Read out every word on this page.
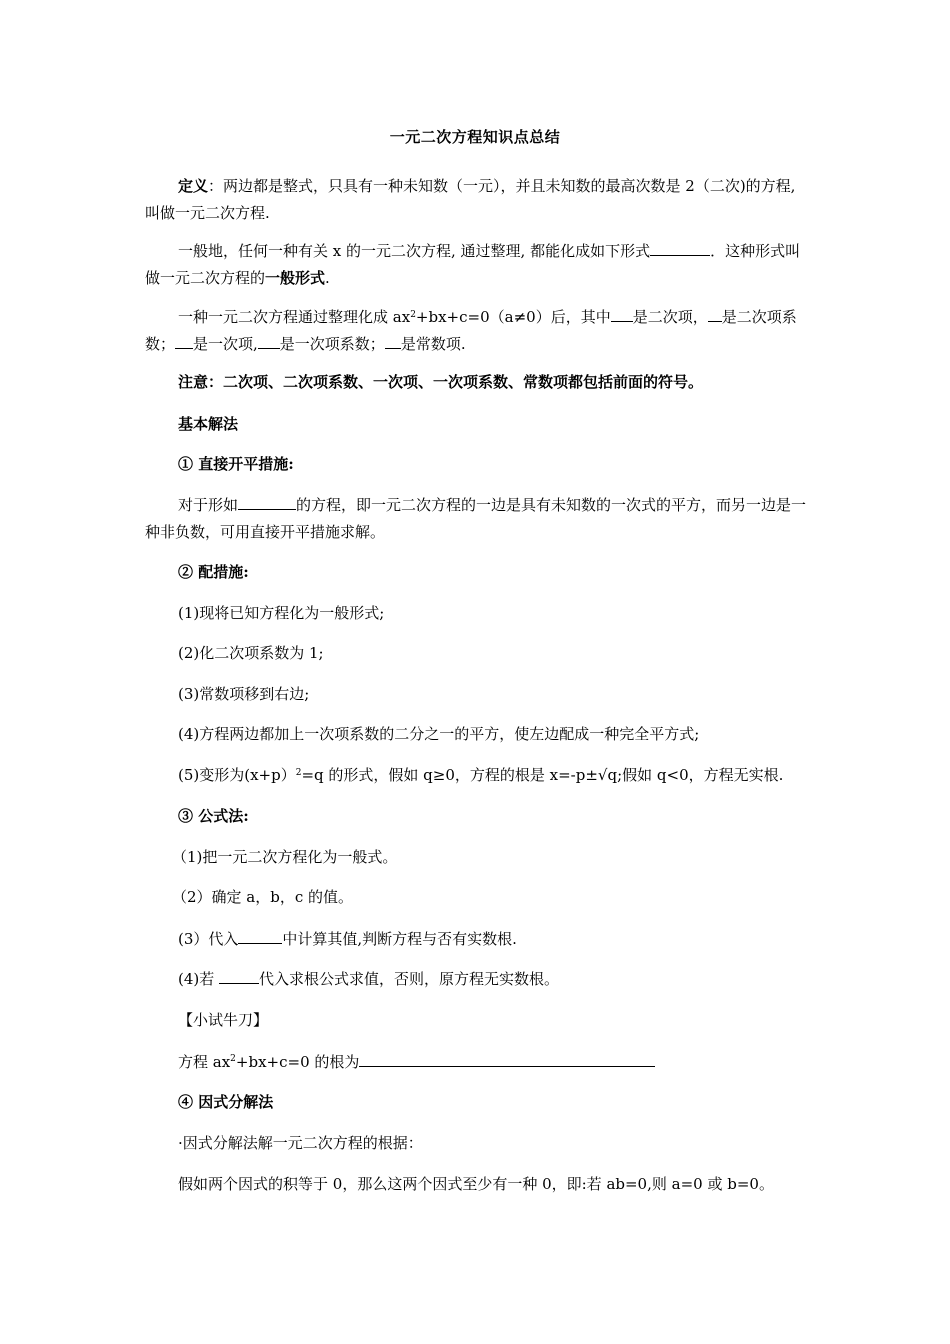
一元二次方程知识点总结
定义：两边都是整式，只具有一种未知数（一元），并且未知数的最高次数是 2（二次)的方程,叫做一元二次方程.
一般地，任何一种有关 x 的一元二次方程, 通过整理, 都能化成如下形式	．这种形式叫做一元二次方程的一般形式.
一种一元二次方程通过整理化成 $ax^2+bx+c=0(a\ne 0)$后，其中 是二次项， 是二次项系数； 是一次项, 是一次项系数； 是常数项.
注意：二次项、二次项系数、一次项、一次项系数、常数项都包括前面的符号。
基本解法
① 直接开平措施:
对于形如	的方程，即一元二次方程的一边是具有未知数的一次式的平方，而另一边是一种非负数，可用直接开平措施求解。
② 配措施:
(1)现将已知方程化为一般形式;
(2)化二次项系数为 1;
(3)常数项移到右边;
(4)方程两边都加上一次项系数的二分之一的平方，使左边配成一种完全平方式;
(5)变形为(x+p）$^2$=q 的形式，假如 q≥0，方程的根是 x=-p±√q;假如 q<0，方程无实根.
③ 公式法:
（1)把一元二次方程化为一般式。
（2）确定 a，b，c 的值。
(3）代入	中计算其值,判断方程与否有实数根.
(4)若	代入求根公式求值，否则，原方程无实数根。
【小试牛刀】
方程 $ax^2+bx+c=0$ 的根为
④ 因式分解法
·因式分解法解一元二次方程的根据：
假如两个因式的积等于 0，那么这两个因式至少有一种 0，即:若 ab=0,则 a=0 或 b=0。
